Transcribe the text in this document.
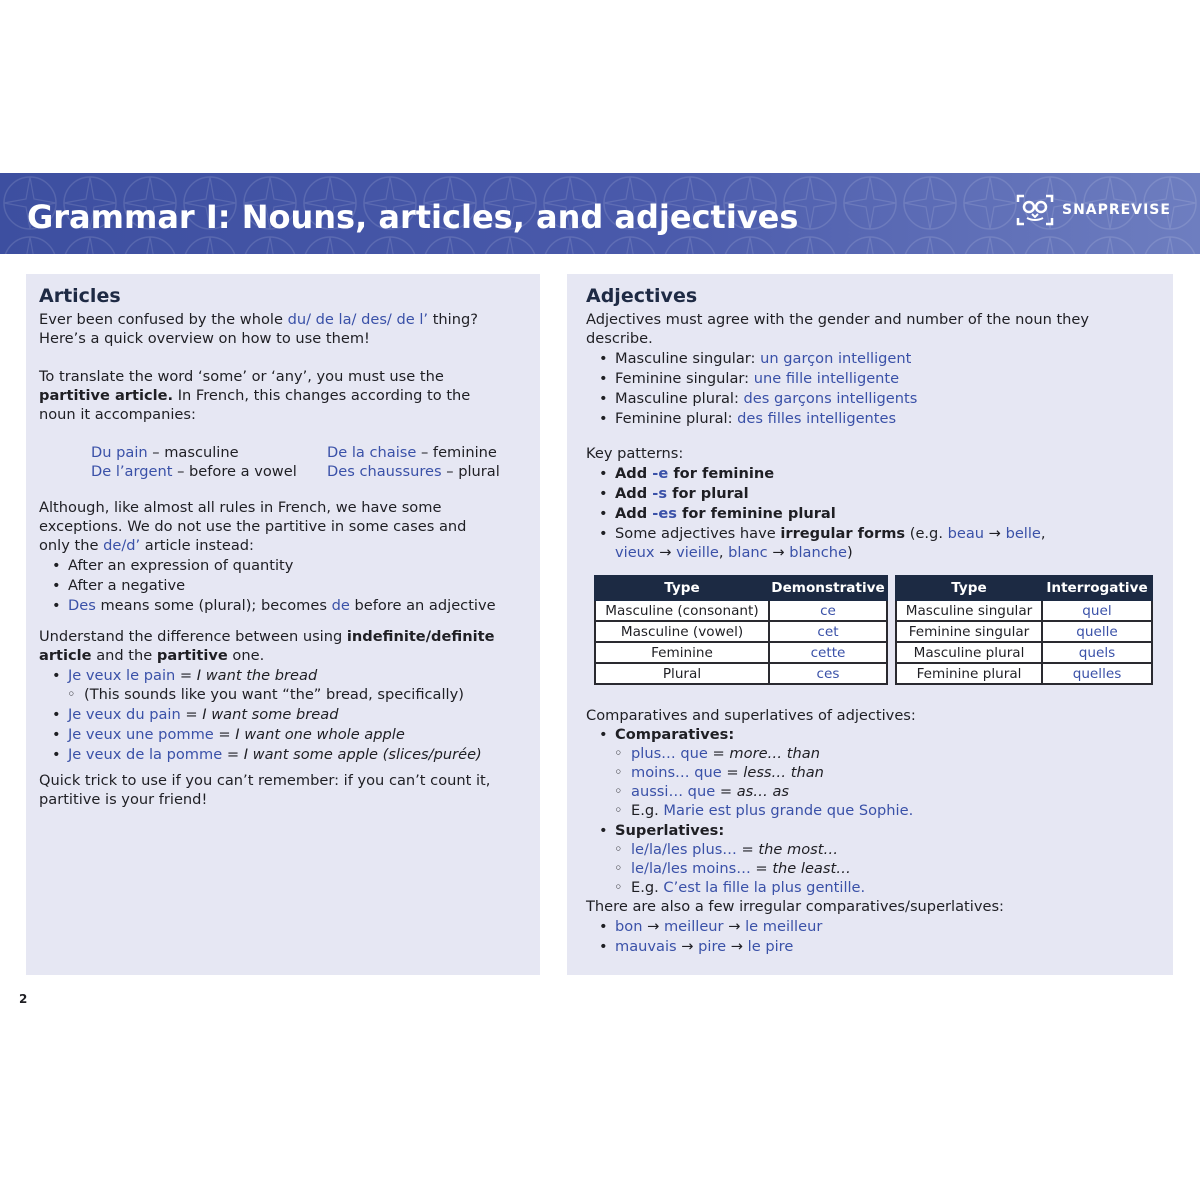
Grammar I: Nouns, articles, and adjectives	SNAPREVISE
Articles

Ever been confused by the whole du/ de la/ des/ de l’ thing?

Here’s a quick overview on how to use them!

To translate the word ‘some’ or ‘any’, you must use the

partitive article. In French, this changes according to the

noun it accompanies:

Du pain – masculine	De la chaise – feminine
De l’argent – before a vowel	Des chaussures – plural

Although, like almost all rules in French, we have some

exceptions. We do not use the partitive in some cases and

only the de/d’ article instead:

• After an expression of quantity
• After a negative
• Des means some (plural); becomes de before an adjective

Understand the difference between using indefinite/definite

article and the partitive one.

• Je veux le pain = I want the bread
◦ (This sounds like you want “the” bread, specifically)
• Je veux du pain = I want some bread
• Je veux une pomme = I want one whole apple
• Je veux de la pomme = I want some apple (slices/purée)

Quick trick to use if you can’t remember: if you can’t count it,

partitive is your friend!

Adjectives

Adjectives must agree with the gender and number of the noun they

describe.

• Masculine singular: un garçon intelligent
• Feminine singular: une fille intelligente
• Masculine plural: des garçons intelligents
• Feminine plural: des filles intelligentes

Key patterns:

• Add -e for feminine
• Add -s for plural
• Add -es for feminine plural
• Some adjectives have irregular forms (e.g. beau → belle,
vieux → vieille, blanc → blanche)
Type	Demonstrative
Masculine (consonant)	ce
Masculine (vowel)	cet
Feminine	cette
Plural	ces
Type	Interrogative
Masculine singular	quel
Feminine singular	quelle
Masculine plural	quels
Feminine plural	quelles

Comparatives and superlatives of adjectives:

• Comparatives:
◦ plus… que = more… than
◦ moins… que = less… than
◦ aussi… que = as… as
◦ E.g. Marie est plus grande que Sophie.
• Superlatives:
◦ le/la/les plus… = the most…
◦ le/la/les moins… = the least…
◦ E.g. C’est la fille la plus gentille.

There are also a few irregular comparatives/superlatives:

• bon → meilleur → le meilleur
• mauvais → pire → le pire
2
